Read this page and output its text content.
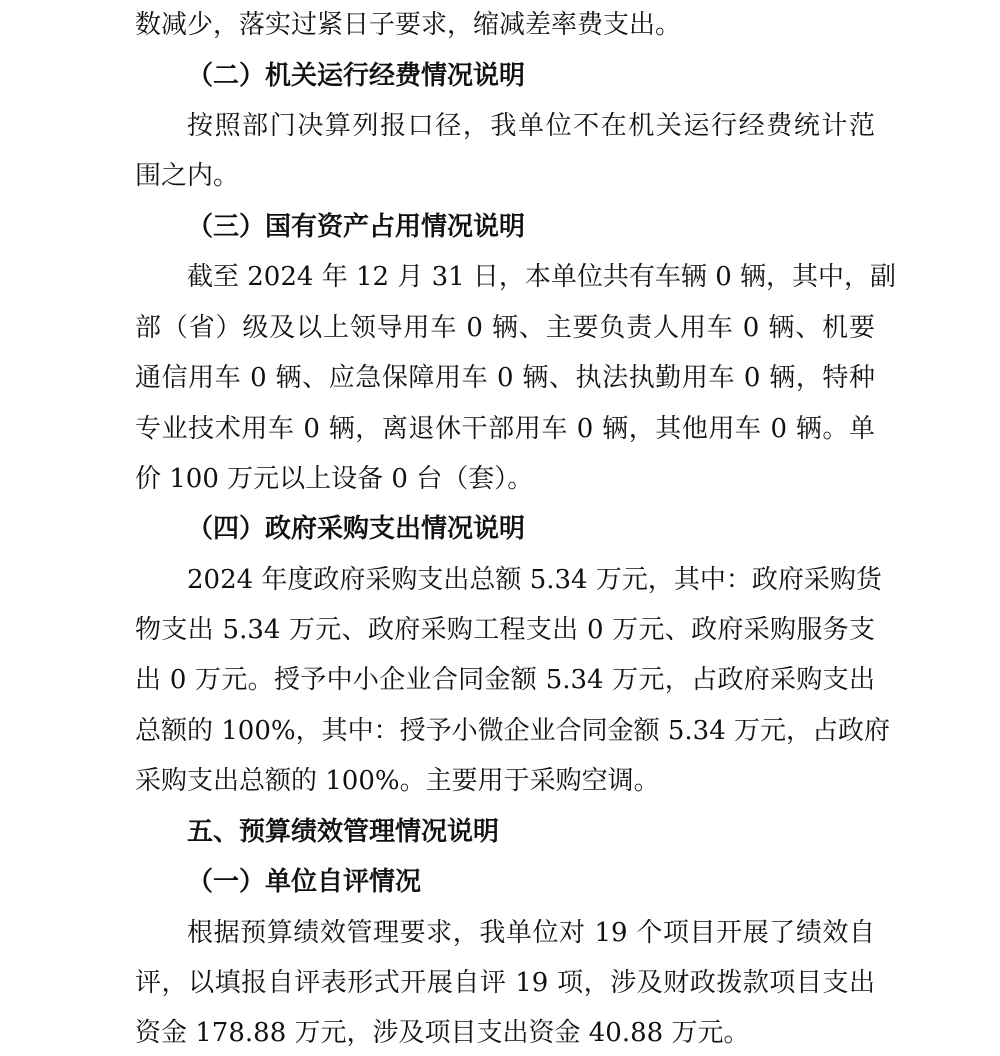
数减少，落实过紧日子要求，缩减差率费支出。
（二）机关运行经费情况说明
按照部门决算列报口径，我单位不在机关运行经费统计范
围之内。
（三）国有资产占用情况说明
截至 2024 年 12 月 31 日，本单位共有车辆 0 辆，其中，副
部（省）级及以上领导用车 0 辆、主要负责人用车 0 辆、机要
通信用车 0 辆、应急保障用车 0 辆、执法执勤用车 0 辆，特种
专业技术用车 0 辆，离退休干部用车 0 辆，其他用车 0 辆。单
价 100 万元以上设备 0 台（套）。
（四）政府采购支出情况说明
2024 年度政府采购支出总额 5.34 万元，其中：政府采购货
物支出 5.34 万元、政府采购工程支出 0 万元、政府采购服务支
出 0 万元。授予中小企业合同金额 5.34 万元，占政府采购支出
总额的 100%，其中：授予小微企业合同金额 5.34 万元，占政府
采购支出总额的 100%。主要用于采购空调。
五、预算绩效管理情况说明
（一）单位自评情况
根据预算绩效管理要求，我单位对 19 个项目开展了绩效自
评，以填报自评表形式开展自评 19 项，涉及财政拨款项目支出
资金 178.88 万元，涉及项目支出资金 40.88 万元。
